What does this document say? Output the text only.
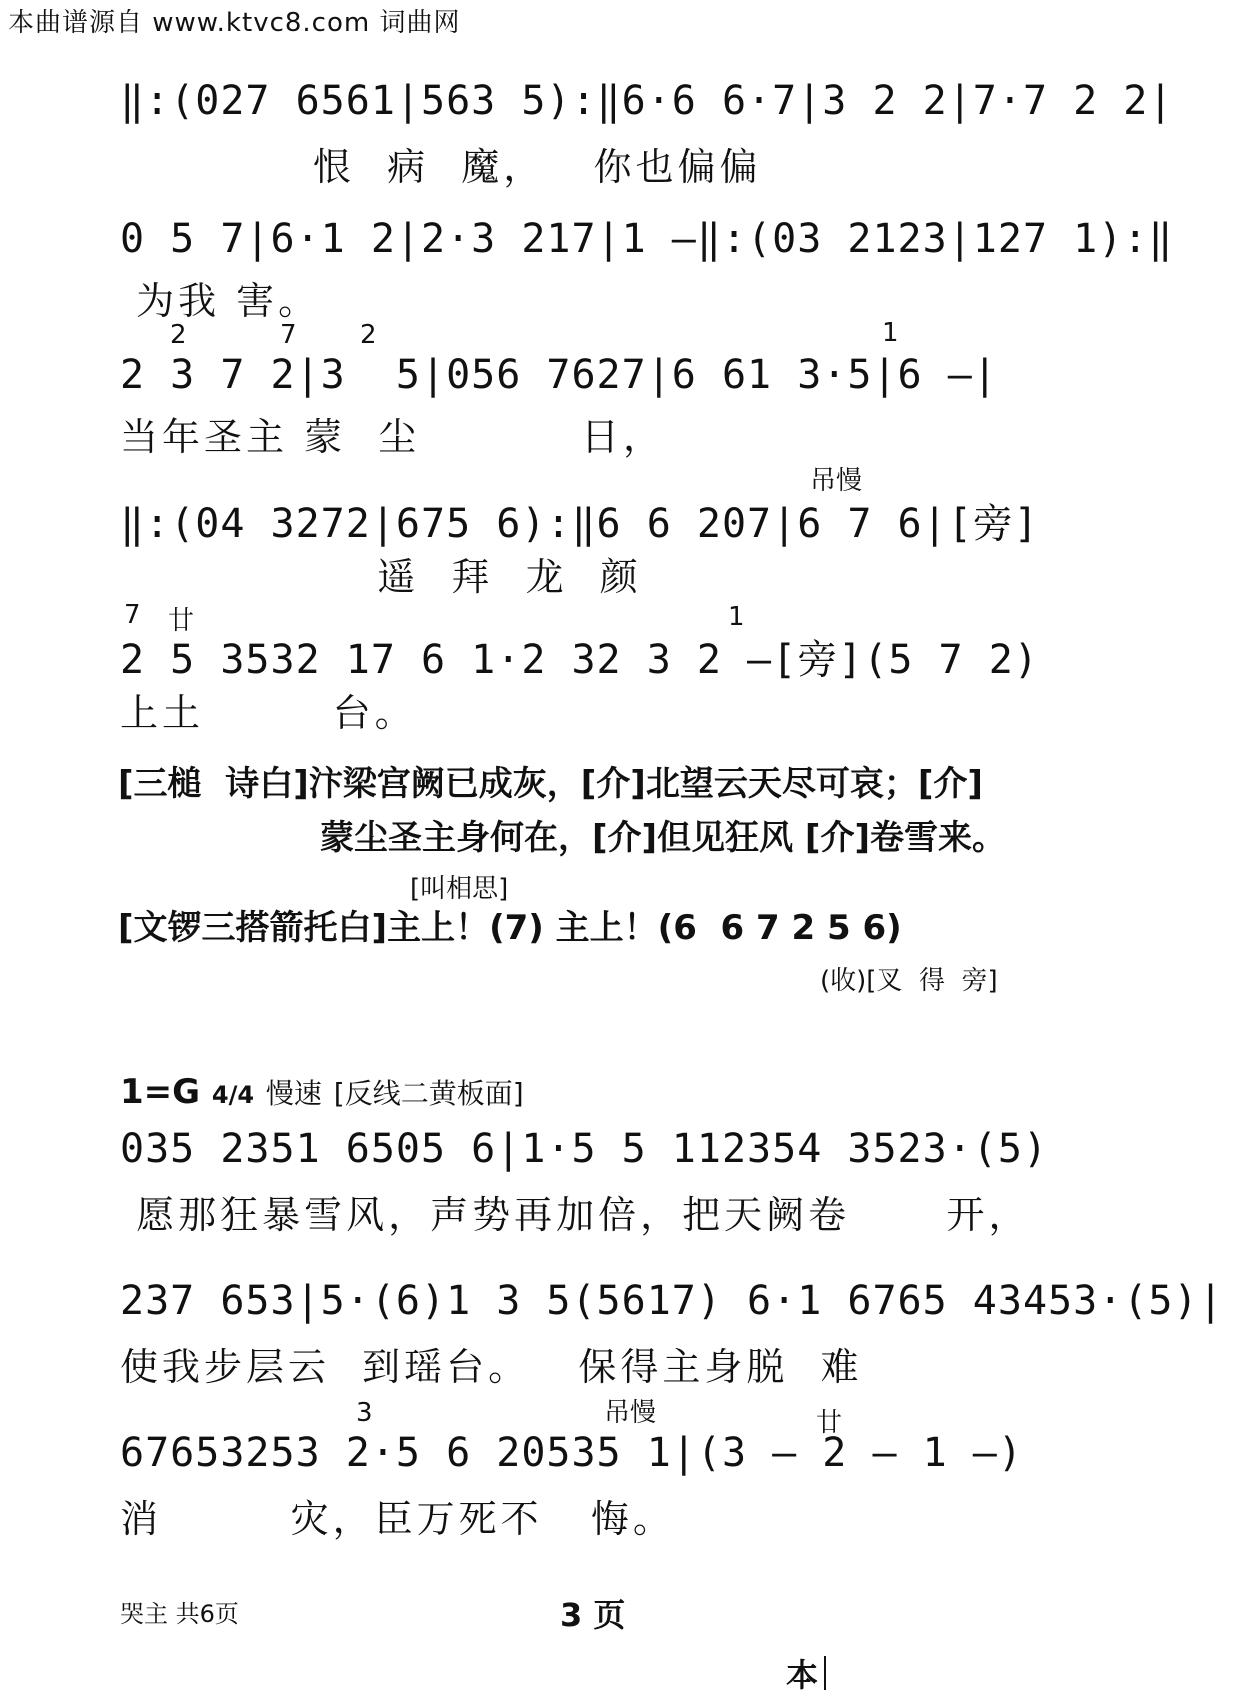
本曲谱源自 www.ktvc8.com 词曲网
‖:(027 6561|563 5):‖6·6 6·7|3 2 2|7·7 2 2|
恨  病  魔，   你也偏偏
0 5 7|6·1 2|2·3 217|1 —‖:(03 2123|127 1):‖
为我 害。
2	7 2	1
2 3 7 2|3  5|056 7627|6 61 3·5|6 —|
当年圣主 蒙  尘          日，
吊慢
‖:(04 3272|675 6):‖6 6 207|6 7 6|[旁]
遥  拜  龙  颜
7 廿	1
2 5 3532 17 6 1·2 32 3 2 —[旁](5 7 2)
上土        台。
[三槌  诗白]汴梁宫阙已成灰，[介]北望云天尽可哀；[介]
蒙尘圣主身何在，[介]但见狂风 [介]卷雪来。
[叫相思]
[文锣三搭箭托白]主上！(7) 主上！(6  6 7 2 5 6)
(收)[叉  得  旁]
1=G 4/4 慢速 [反线二黄板面]
035 2351 6505 6|1·5 5 112354 3523·(5)
愿那狂暴雪风，声势再加倍，把天阙卷      开，
237 653|5·(6)1 3 5(5617) 6·1 6765 43453·(5)|
使我步层云  到瑶台。   保得主身脱  难
3	吊慢	廿
67653253 2·5 6 20535 1|(3 — 2 — 1 —)
消        灾，臣万死不   悔。
哭主 共6页	3 页
本
